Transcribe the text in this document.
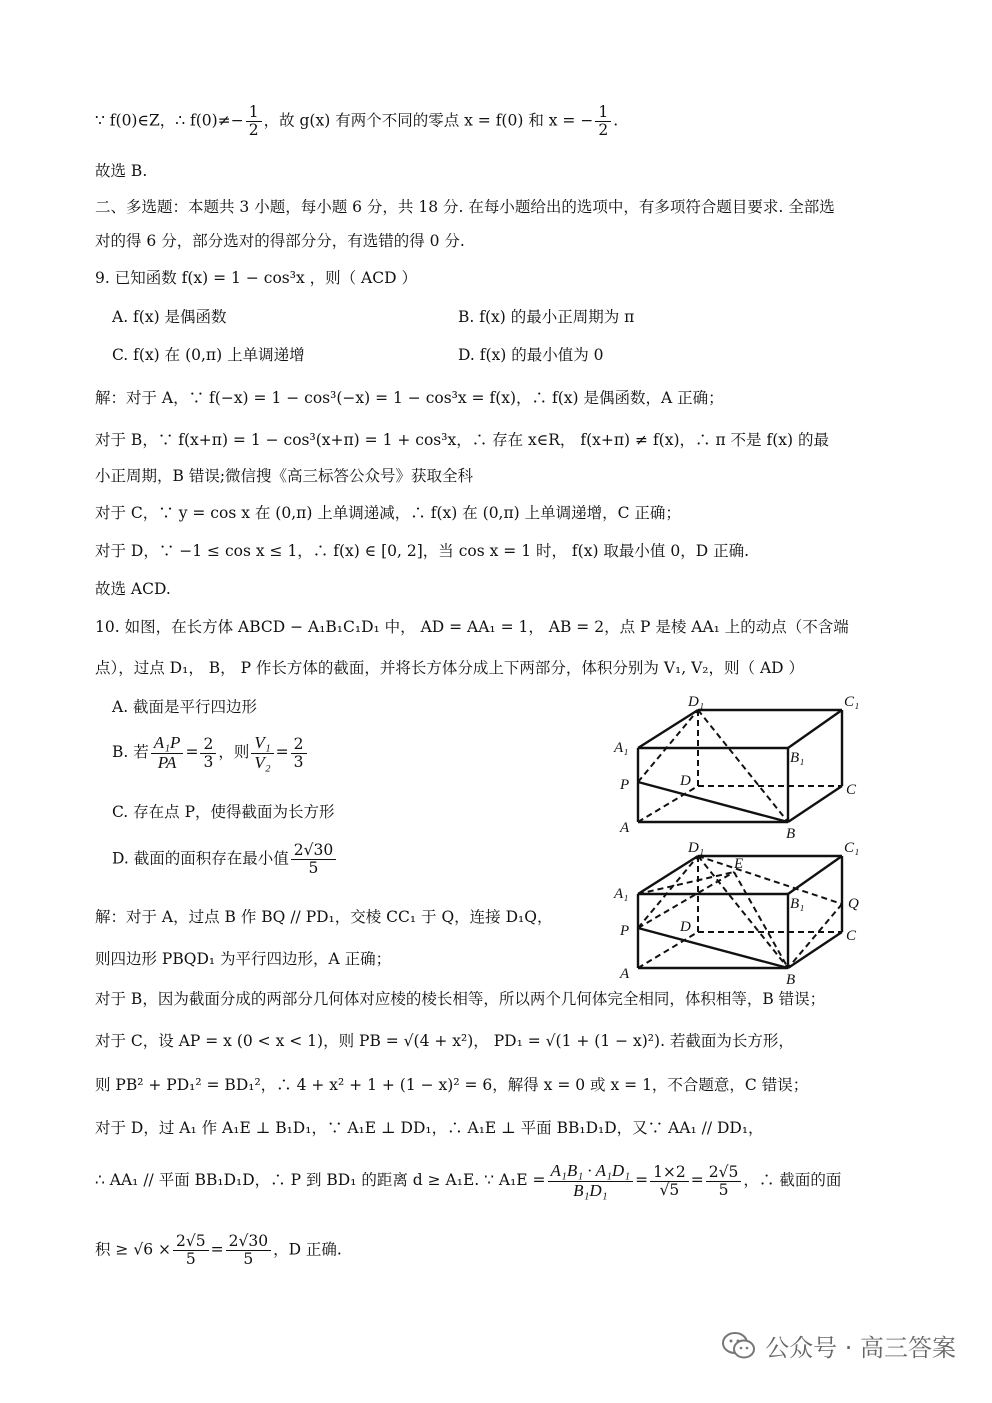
∵ f(0)∈Z，∴ $f(0)\ne- \frac{1}{2}$ ，故 g(x) 有两个不同的零点 x = f(0) 和 x = − $\frac{1}{2}$ .
故选 B.
二、多选题：本题共 3 小题，每小题 6 分，共 18 分. 在每小题给出的选项中，有多项符合题目要求. 全部选
对的得 6 分，部分选对的得部分分，有选错的得 0 分.
9. 已知函数 f(x) = 1 − cos³x ，则（ ACD ）
A. f(x) 是偶函数	B. f(x) 的最小正周期为 π
C. f(x) 在 (0,π) 上单调递增	D. f(x) 的最小值为 0
解：对于 A，∵ f(−x) = 1 − cos³(−x) = 1 − cos³x = f(x)，∴ f(x) 是偶函数，A 正确；
对于 B，∵ f(x+π) = 1 − cos³(x+π) = 1 + cos³x，∴ 存在 x∈R， f(x+π) ≠ f(x)，∴ π 不是 f(x) 的最
小正周期，B 错误;微信搜《高三标答公众号》获取全科
对于 C，∵ y = cos x 在 (0,π) 上单调递减，∴ f(x) 在 (0,π) 上单调递增，C 正确；
对于 D，∵ −1 ≤ cos x ≤ 1，∴ f(x) ∈ [0, 2]，当 cos x = 1 时， f(x) 取最小值 0，D 正确.
故选 ACD.
10. 如图，在长方体 ABCD − A₁B₁C₁D₁ 中， AD = AA₁ = 1， AB = 2，点 P 是棱 AA₁ 上的动点（不含端
点），过点 D₁， B， P 作长方体的截面，并将长方体分成上下两部分，体积分别为 V₁, V₂，则（ AD ）
A. 截面是平行四边形
B. 若 $\frac{\text{A₁P}}{PA} = \frac{2}{3}$ ，则 $\frac{\text{V₁}}{\text{V₂}} = \frac{2}{3}$
C. 存在点 P，使得截面为长方形
D. 截面的面积存在最小值 $\frac{2√30}{5}$
解：对于 A，过点 B 作 BQ // PD₁，交棱 CC₁ 于 Q，连接 D₁Q，
则四边形 PBQD₁ 为平行四边形，A 正确；
对于 B，因为截面分成的两部分几何体对应棱的棱长相等，所以两个几何体完全相同，体积相等，B 错误；
对于 C，设 AP = x (0 < x < 1)，则 PB = √(4 + x²)， PD₁ = √(1 + (1 − x)²). 若截面为长方形，
则 PB² + PD₁² = BD₁²，∴ 4 + x² + 1 + (1 − x)² = 6，解得 x = 0 或 x = 1，不合题意，C 错误；
对于 D，过 A₁ 作 A₁E ⊥ B₁D₁，∵ A₁E ⊥ DD₁，∴ A₁E ⊥ 平面 BB₁D₁D，又∵ AA₁ // DD₁，
∴ AA₁ // 平面 BB₁D₁D，∴ P 到 BD₁ 的距离 d ≥ A₁E. ∵ $A_1E = \frac{\text{A₁B₁ · A₁D₁}}{\text{B₁D₁}} = \frac{1\times 2}{√5} = \frac{2√5}{5}$ ，∴ 截面的面
积 ≥ $√6 \times \frac{2√5}{5} = \frac{2√30}{5}$ ，D 正确.
D₁	C₁
A₁
B₁
P	D
C
A	B
D₁
E
C₁
A₁
B₁	Q
P	D
C
A	B
公众号 · 高三答案
